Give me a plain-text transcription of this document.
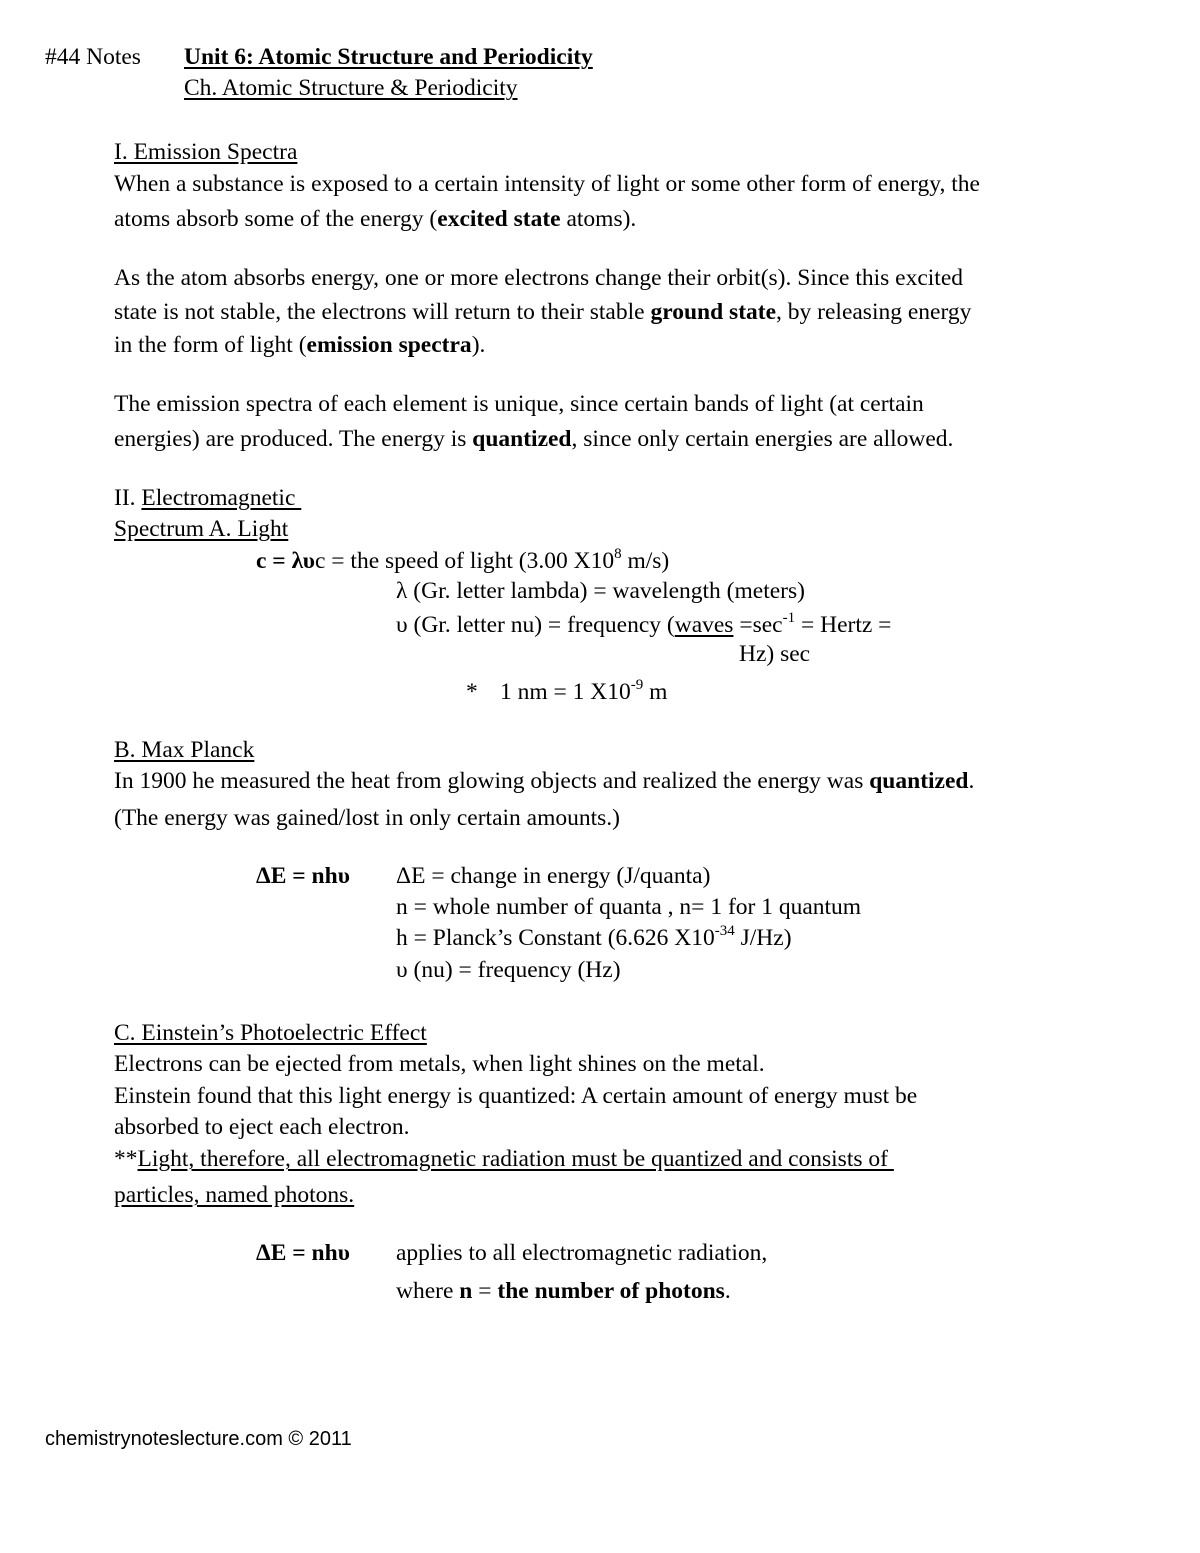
#44 Notes Unit 6: Atomic Structure and Periodicity
Ch. Atomic Structure & Periodicity
I. Emission Spectra
When a substance is exposed to a certain intensity of light or some other form of energy, the
atoms absorb some of the energy (excited state atoms).
As the atom absorbs energy, one or more electrons change their orbit(s). Since this excited
state is not stable, the electrons will return to their stable ground state, by releasing energy
in the form of light (emission spectra).
The emission spectra of each element is unique, since certain bands of light (at certain
energies) are produced. The energy is quantized, since only certain energies are allowed.
II. Electromagnetic
Spectrum A. Light
c = λυc = the speed of light (3.00 $X10^8$ m/s)
λ (Gr. letter lambda) = wavelength (meters)
υ (Gr. letter nu) = frequency (waves $=\sec^{-1}$ = Hertz =
Hz) sec
* 1 nm = 1 $X10^{-9}$ m
B. Max Planck
In 1900 he measured the heat from glowing objects and realized the energy was quantized.
(The energy was gained/lost in only certain amounts.)
ΔE = nhυ ΔE = change in energy (J/quanta)
n = whole number of quanta , n= 1 for 1 quantum
h = Planck’s Constant (6.626 $X10^{-34}$ J/Hz)
υ (nu) = frequency (Hz)
C. Einstein’s Photoelectric Effect
Electrons can be ejected from metals, when light shines on the metal.
Einstein found that this light energy is quantized: A certain amount of energy must be
absorbed to eject each electron.
**Light, therefore, all electromagnetic radiation must be quantized and consists of
particles, named photons.
ΔE = nhυ applies to all electromagnetic radiation,
where n = the number of photons.
chemistrynoteslecture.com © 2011
